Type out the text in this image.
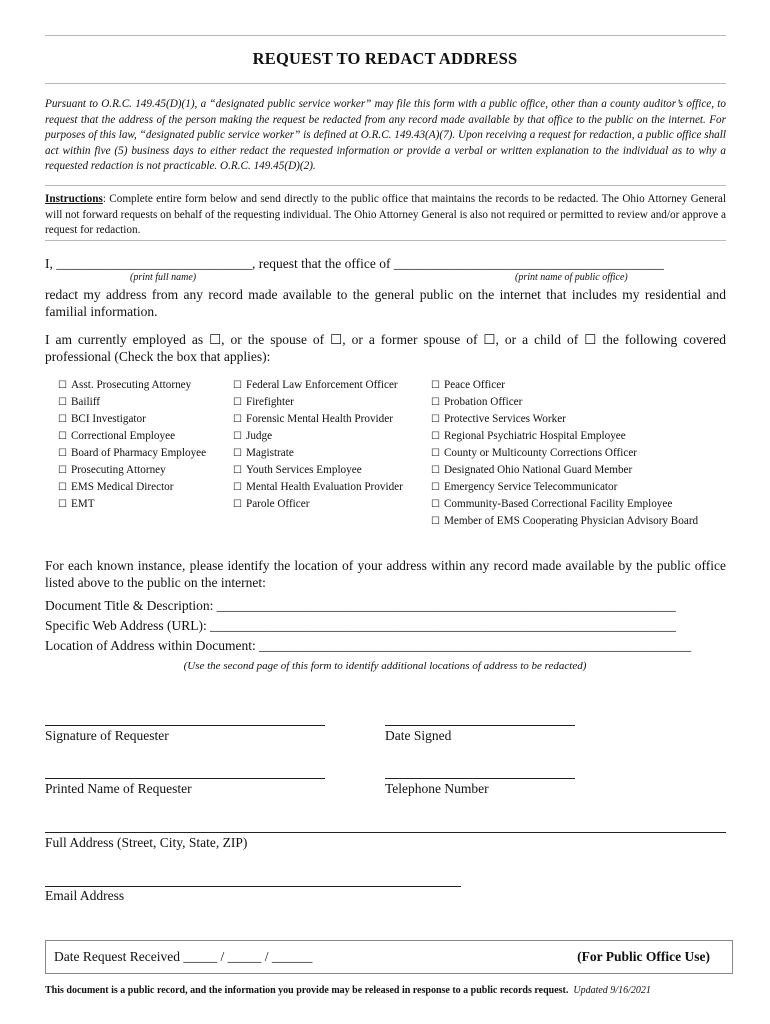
REQUEST TO REDACT ADDRESS
Pursuant to O.R.C. 149.45(D)(1), a “designated public service worker” may file this form with a public office, other than a county auditor’s office, to request that the address of the person making the request be redacted from any record made available by that office to the public on the internet. For purposes of this law, “designated public service worker” is defined at O.R.C. 149.43(A)(7). Upon receiving a request for redaction, a public office shall act within five (5) business days to either redact the requested information or provide a verbal or written explanation to the individual as to why a requested redaction is not practicable. O.R.C. 149.45(D)(2).
Instructions: Complete entire form below and send directly to the public office that maintains the records to be redacted. The Ohio Attorney General will not forward requests on behalf of the requesting individual. The Ohio Attorney General is also not required or permitted to review and/or approve a request for redaction.
I, _____________________________, request that the office of ________________________________________
(print full name)	(print name of public office)
redact my address from any record made available to the general public on the internet that includes my residential and familial information.
I am currently employed as ☐, or the spouse of ☐, or a former spouse of ☐, or a child of ☐ the following covered professional (Check the box that applies):
☐ Asst. Prosecuting Attorney
☐ Bailiff
☐ BCI Investigator
☐ Correctional Employee
☐ Board of Pharmacy Employee
☐ Prosecuting Attorney
☐ EMS Medical Director
☐ EMT
☐ Federal Law Enforcement Officer
☐ Firefighter
☐ Forensic Mental Health Provider
☐ Judge
☐ Magistrate
☐ Youth Services Employee
☐ Mental Health Evaluation Provider
☐ Parole Officer
☐ Peace Officer
☐ Probation Officer
☐ Protective Services Worker
☐ Regional Psychiatric Hospital Employee
☐ County or Multicounty Corrections Officer
☐ Designated Ohio National Guard Member
☐ Emergency Service Telecommunicator
☐ Community-Based Correctional Facility Employee
☐ Member of EMS Cooperating Physician Advisory Board
For each known instance, please identify the location of your address within any record made available by the public office listed above to the public on the internet:
Document Title & Description: ____________________________________________________________________
Specific Web Address (URL): _____________________________________________________________________
Location of Address within Document: ________________________________________________________________
(Use the second page of this form to identify additional locations of address to be redacted)
Signature of Requester	Date Signed
Printed Name of Requester	Telephone Number
Full Address (Street, City, State, ZIP)
Email Address
Date Request Received _____ / _____ / ______	(For Public Office Use)
This document is a public record, and the information you provide may be released in response to a public records request. Updated 9/16/2021
